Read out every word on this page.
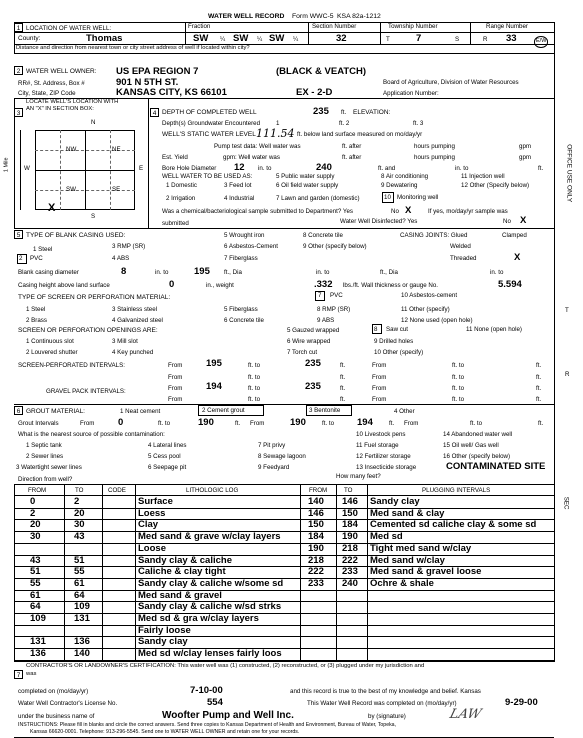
WATER WELL RECORD Form WWC-5 KSA 82a-1212
1 LOCATION OF WATER WELL:	Fraction	Section Number	Township Number	Range Number
County:	Thomas	SW ¼ SW ¼ SW ¼	32	T	7	S	R 33	E/W
Distance and direction from nearest town or city street address of well if located within city?
2 WATER WELL OWNER: US EPA REGION 7	(BLACK & VEATCH)
RR#, St. Address, Box #	901 N 5TH ST.	Board of Agriculture, Division of Water Resources
City, State, ZIP Code	KANSAS CITY, KS 66101	EX - 2-D	Application Number:
3
LOCATE WELL'S LOCATION WITH
AN "X" IN SECTION BOX:
N
S
W	E
1 Mile
NW	NE
SW	SE
X
4 DEPTH OF COMPLETED WELL	235 ft. ELEVATION:
Depth(s) Groundwater Encountered	1	ft. 2	ft. 3
WELL'S STATIC WATER LEVEL 111.54 ft. below land surface measured on mo/day/yr
Pump test data: Well water was	ft. after	hours pumping	gpm
Est. Yield	gpm: Well water was	ft. after	hours pumping	gpm
Bore Hole Diameter 12 in. to	240	ft. and	in. to	ft.
WELL WATER TO BE USED AS:	5 Public water supply	8 Air conditioning	11 Injection well
1 Domestic	3 Feed lot	6 Oil field water supply	9 Dewatering	12 Other (Specify below)
2 Irrigation	4 Industrial	7 Lawn and garden (domestic)	10 Monitoring well
Was a chemical/bacteriological sample submitted to Department? Yes	No X	If yes, mo/day/yr sample was
submitted	Water Well Disinfected? Yes	No X
5 TYPE OF BLANK CASING USED:
1 Steel	3 RMP (SR)
2 PVC	4 ABS
5 Wrought iron
6 Asbestos-Cement
7 Fiberglass
8 Concrete tile
9 Other (specify below)
CASING JOINTS: Glued	Clamped
Welded
Threaded	X
Blank casing diameter	8	in. to	195 ft., Dia	in. to	ft., Dia	in. to
Casing height above land surface	0	in., weight	.332 lbs./ft. Wall thickness or gauge No.	5.594
TYPE OF SCREEN OR PERFORATION MATERIAL:
1 Steel	3 Stainless steel	5 Fiberglass
7 PVC	10 Asbestos-cement
2 Brass	4 Galvanized steel	6 Concrete tile
8 RMP (SR)
9 ABS
11 Other (specify)
12 None used (open hole)
SCREEN OR PERFORATION OPENINGS ARE:	5 Gauzed wrapped	8 Saw cut	11 None (open hole)
1 Continuous slot	3 Mill slot	6 Wire wrapped	9 Drilled holes
2 Louvered shutter	4 Key punched	7 Torch cut	10 Other (specify)
SCREEN-PERFORATED INTERVALS:	From 195	ft. to	235	ft.	From	ft. to	ft.
From	ft. to	ft.	From	ft. to	ft.
GRAVEL PACK INTERVALS:	From 194	ft. to	235	ft.	From	ft. to	ft.
From	ft. to	ft.	From	ft. to	ft.
6 GROUT MATERIAL:	1 Neat cement	2 Cement grout	3 Bentonite	4 Other
Grout Intervals	From 0	ft. to	190	ft. From	190	ft. to 194	ft. From	ft. to	ft.
What is the nearest source of possible contamination:	10 Livestock pens	14 Abandoned water well
1 Septic tank	4 Lateral lines	7 Pit privy	11 Fuel storage	15 Oil well/ Gas well
2 Sewer lines	5 Cess pool	8 Sewage lagoon	12 Fertilizer storage	16 Other (specify below)
3 Watertight sewer lines	6 Seepage pit	9 Feedyard	13 Insecticide storage	CONTAMINATED SITE
Direction from well?	How many feet?
FROM	TO	CODE	LITHOLOGIC LOG	FROM	TO	PLUGGING INTERVALS
0	2	Surface
2	20	Loess
20	30	Clay
30	43	Med sand & grave w/clay layers
Loose
43	51	Sandy clay & caliche
51	55	Caliche & clay tight
55	61	Sandy clay & caliche w/some sd
61	64	Med sand & gravel
64	109	Sandy clay & caliche w/sd strks
109	131	Med sd & gra w/clay layers
Fairly loose
131	136	Sandy clay
136	140	Med sd w/clay lenses fairly loos
140 146 Sandy clay
146 150 Med sand & clay
150 184 Cemented sd caliche clay & some sd
184 190 Med sd
190 218 Tight med sand w/clay
218 222 Med sand w/clay
222 233 Med sand & gravel loose
233 240 Ochre & shale
7
CONTRACTOR'S OR LANDOWNER'S CERTIFICATION: This water well was (1) constructed, (2) reconstructed, or (3) plugged under my jurisdiction and
was
completed on (mo/day/yr)	7-10-00	and this record is true to the best of my knowledge and belief. Kansas
Water Well Contractor's License No.	554	This Water Well Record was completed on (mo/day/yr)	9-29-00
under the business name of	Woofter Pump and Well Inc.	by (signature)	LAW
INSTRUCTIONS: Please fill in blanks and circle the correct answers. Send three copies to Kansas Department of Health and Environment, Bureau of Water, Topeka,
Kansas 66620-0001. Telephone: 913-296-5545. Send one to WATER WELL OWNER and retain one for your records.
OFFICE USE ONLY
T
R
SEC
